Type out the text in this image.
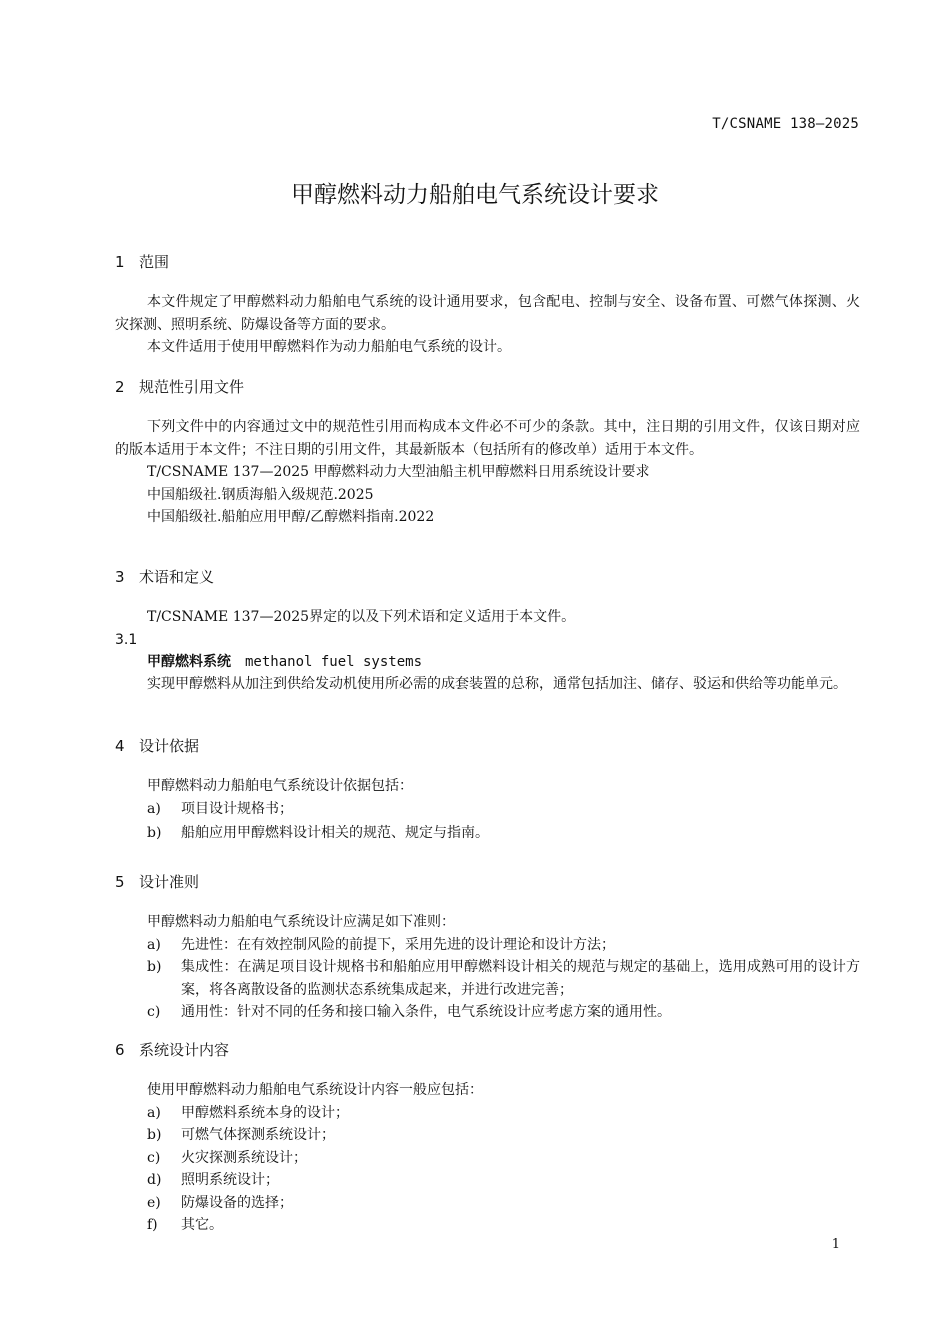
T/CSNAME 138—2025
甲醇燃料动力船舶电气系统设计要求
1 范围

本文件规定了甲醇燃料动力船舶电气系统的设计通用要求，包含配电、控制与安全、设备布置、可燃气体探测、火灾探测、照明系统、防爆设备等方面的要求。

本文件适用于使用甲醇燃料作为动力船舶电气系统的设计。

2 规范性引用文件

下列文件中的内容通过文中的规范性引用而构成本文件必不可少的条款。其中，注日期的引用文件，仅该日期对应的版本适用于本文件；不注日期的引用文件，其最新版本（包括所有的修改单）适用于本文件。

T/CSNAME 137—2025 甲醇燃料动力大型油船主机甲醇燃料日用系统设计要求

中国船级社.钢质海船入级规范.2025

中国船级社.船舶应用甲醇/乙醇燃料指南.2022

3 术语和定义

T/CSNAME 137—2025界定的以及下列术语和定义适用于本文件。

3.1
甲醇燃料系统 methanol fuel systems

实现甲醇燃料从加注到供给发动机使用所必需的成套装置的总称，通常包括加注、储存、驳运和供给等功能单元。

4 设计依据

甲醇燃料动力船舶电气系统设计依据包括：

a)	项目设计规格书；
b)	船舶应用甲醇燃料设计相关的规范、规定与指南。
5 设计准则

甲醇燃料动力船舶电气系统设计应满足如下准则：

a)	先进性：在有效控制风险的前提下，采用先进的设计理论和设计方法；
b)	集成性：在满足项目设计规格书和船舶应用甲醇燃料设计相关的规范与规定的基础上，选用成熟可用的设计方案，将各离散设备的监测状态系统集成起来，并进行改进完善；
c)	通用性：针对不同的任务和接口输入条件，电气系统设计应考虑方案的通用性。
6 系统设计内容

使用甲醇燃料动力船舶电气系统设计内容一般应包括：

a)	甲醇燃料系统本身的设计；
b)	可燃气体探测系统设计；
c)	火灾探测系统设计；
d)	照明系统设计；
e)	防爆设备的选择；
f)	其它。
1
